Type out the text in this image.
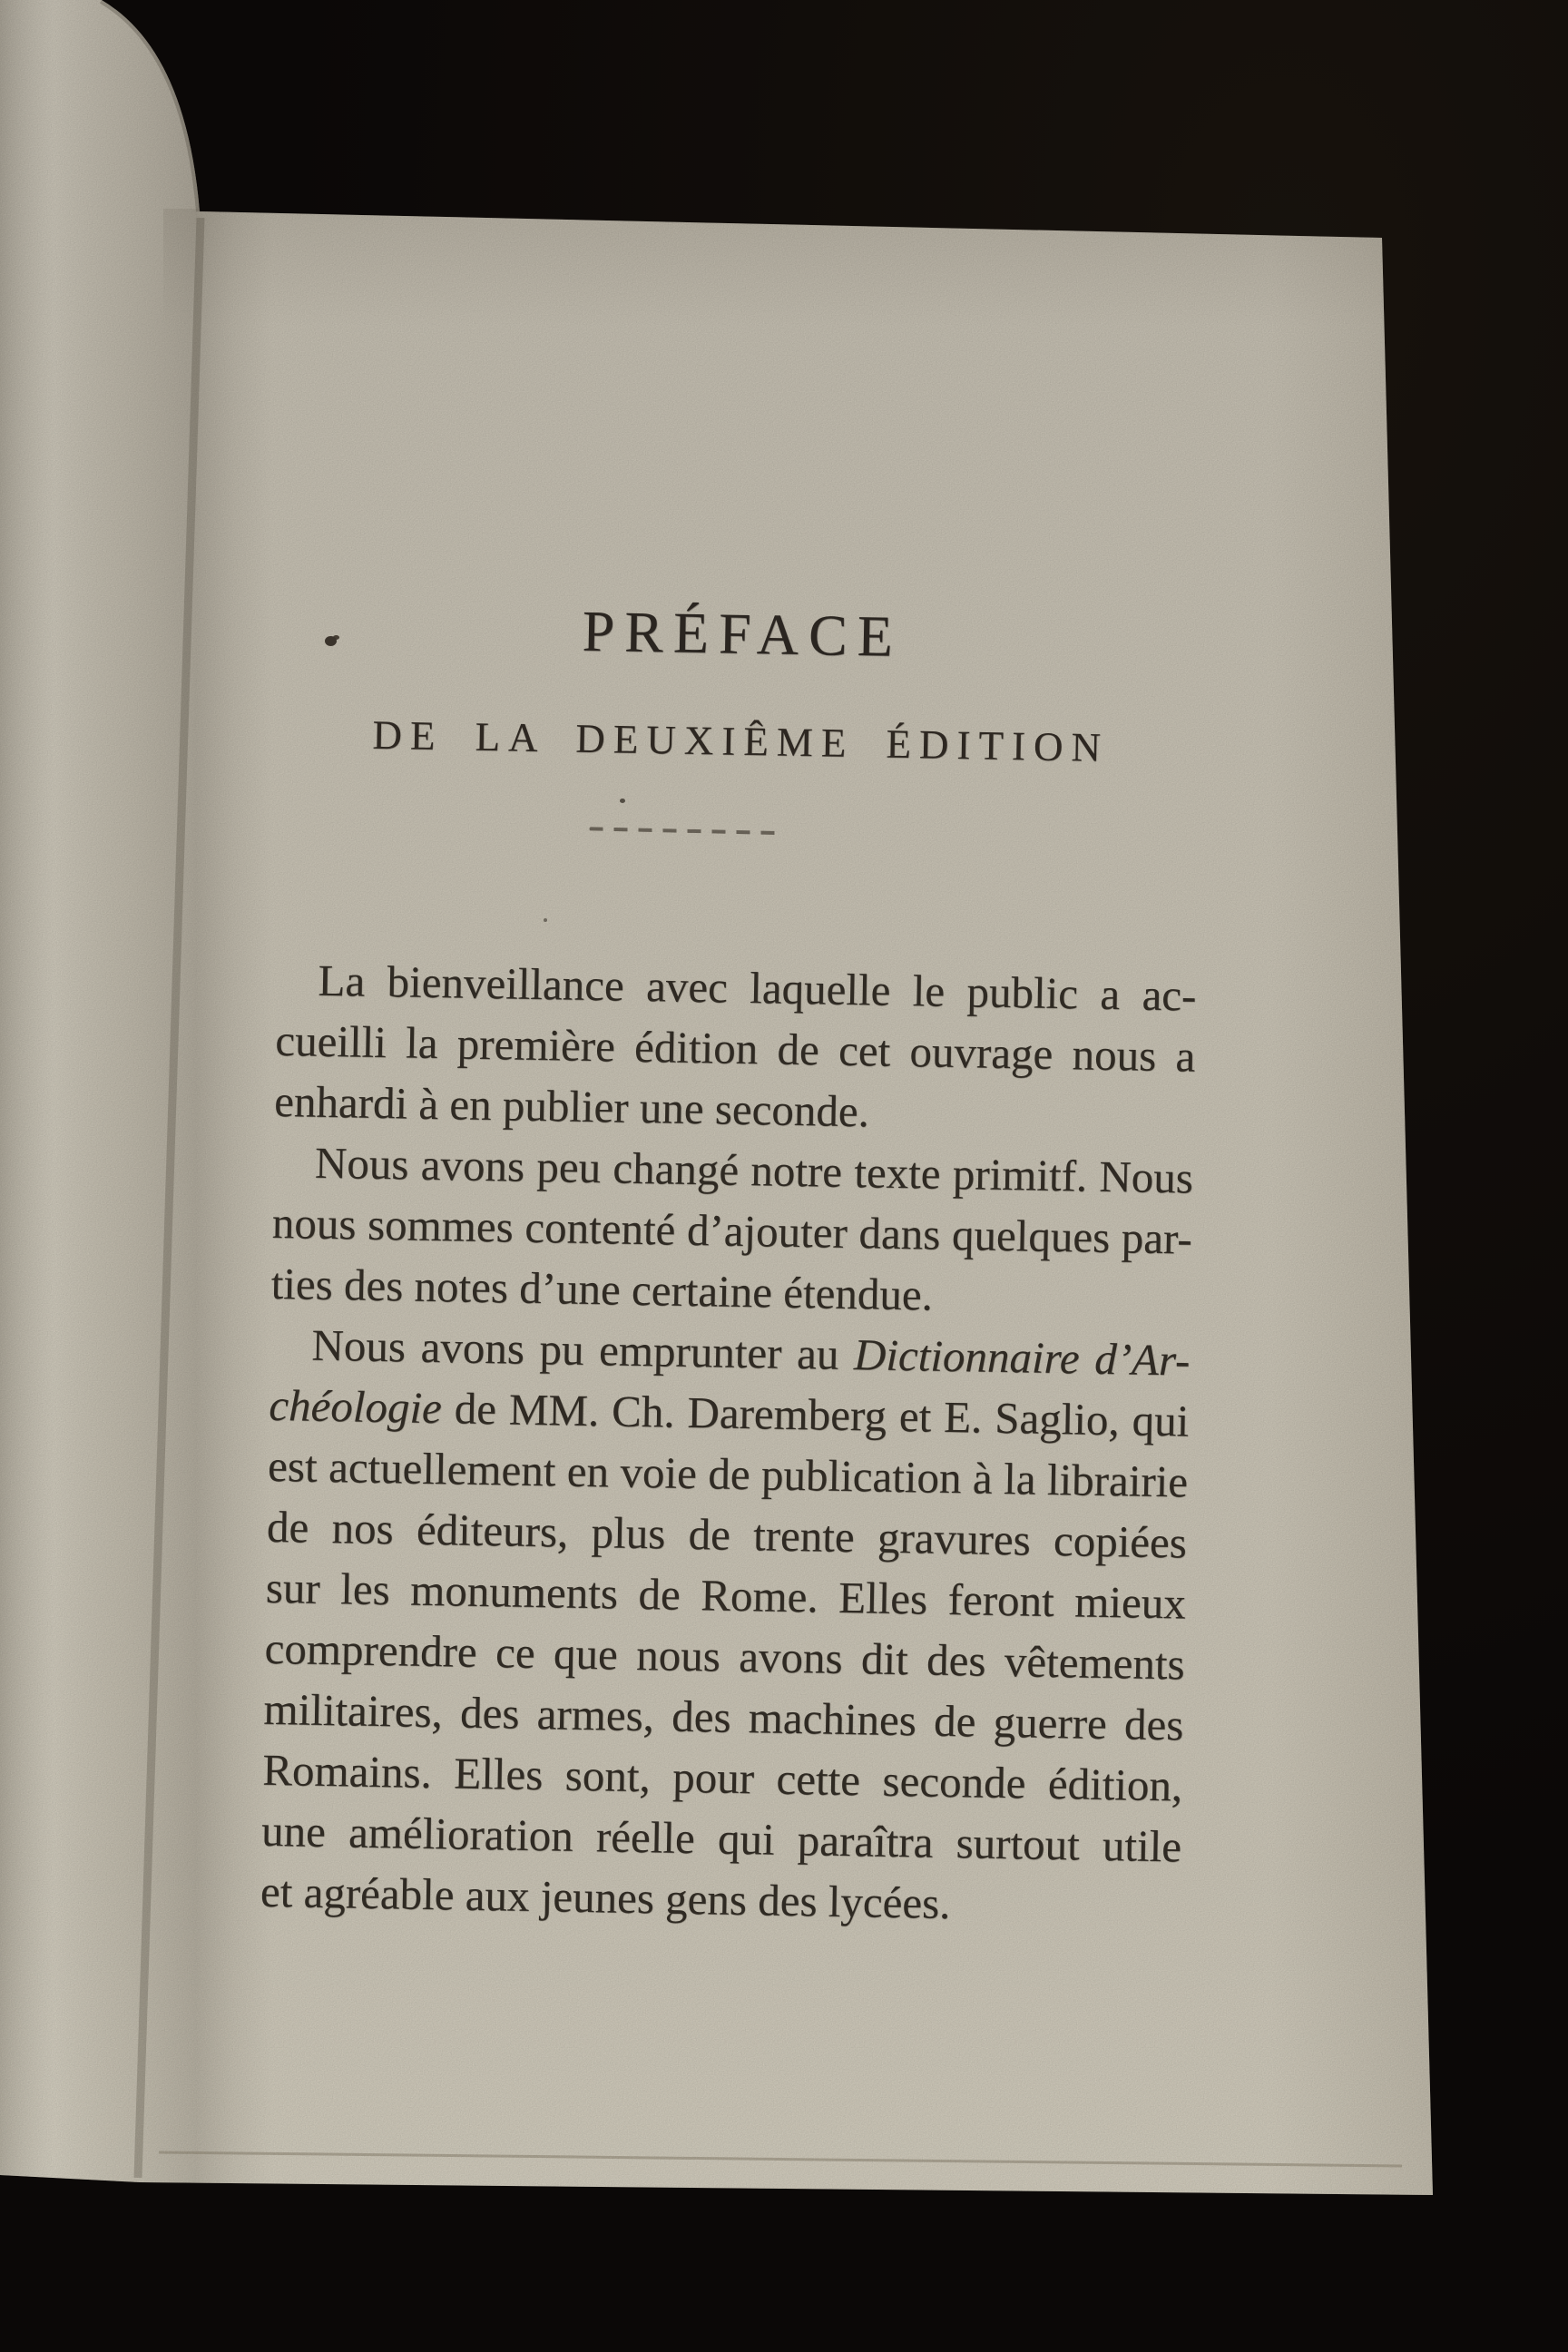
PRÉFACE
DE LA DEUXIÊME ÉDITION
La bienveillance avec laquelle le public a ac-
cueilli la première édition de cet ouvrage nous a
enhardi à en publier une seconde.
Nous avons peu changé notre texte primitf. Nous
nous sommes contenté d’ajouter dans quelques par-
ties des notes d’une certaine étendue.
Nous avons pu emprunter au Dictionnaire d’Ar-
chéologie de MM. Ch. Daremberg et E. Saglio, qui
est actuellement en voie de publication à la librairie
de nos éditeurs, plus de trente gravures copiées
sur les monuments de Rome. Elles feront mieux
comprendre ce que nous avons dit des vêtements
militaires, des armes, des machines de guerre des
Romains. Elles sont, pour cette seconde édition,
une amélioration réelle qui paraîtra surtout utile
et agréable aux jeunes gens des lycées.
